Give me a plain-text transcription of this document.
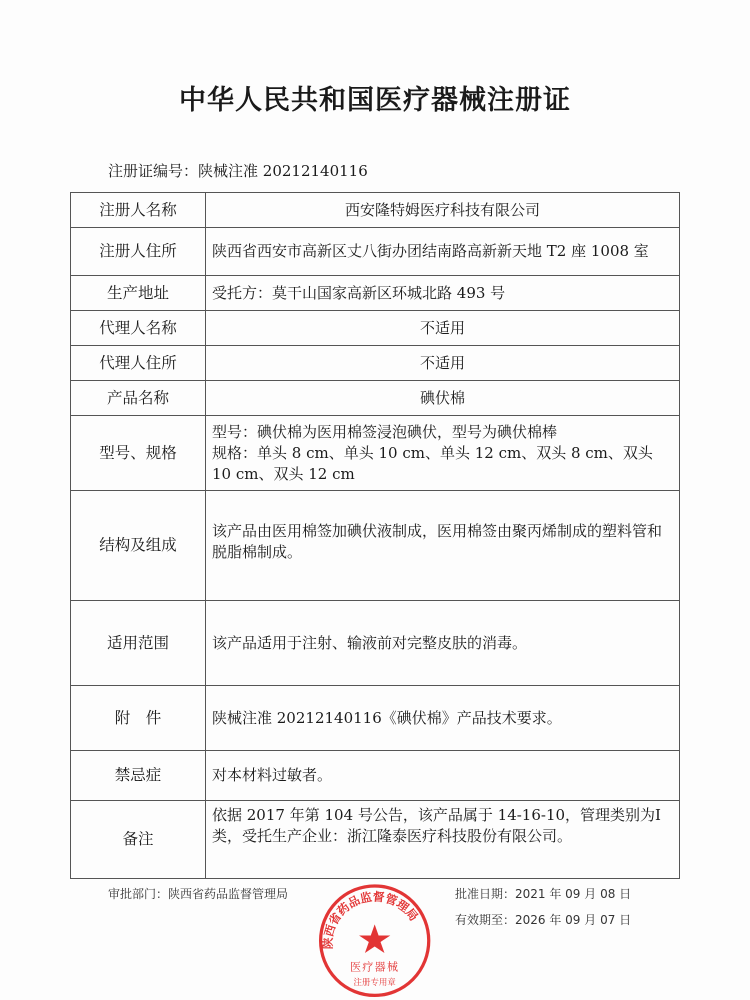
中华人民共和国医疗器械注册证
注册证编号：陕械注准 20212140116
注册人名称	西安隆特姆医疗科技有限公司
注册人住所	陕西省西安市高新区丈八街办团结南路高新新天地 T2 座 1008 室
生产地址	受托方：莫干山国家高新区环城北路 493 号
代理人名称	不适用
代理人住所	不适用
产品名称	碘伏棉
型号、规格	型号：碘伏棉为医用棉签浸泡碘伏，型号为碘伏棉棒
规格：单头 8 cm、单头 10 cm、单头 12 cm、双头 8 cm、双头 10 cm、双头 12 cm

结构及组成	该产品由医用棉签加碘伏液制成，医用棉签由聚丙烯制成的塑料管和脱脂棉制成。
适用范围	该产品适用于注射、输液前对完整皮肤的消毒。
附　件	陕械注准 20212140116《碘伏棉》产品技术要求。
禁忌症	对本材料过敏者。
备注	依据 2017 年第 104 号公告，该产品属于 14-16-10，管理类别为Ⅰ类，受托生产企业：浙江隆泰医疗科技股份有限公司。
审批部门：陕西省药品监督管理局	批准日期：2021 年 09 月 08 日
有效期至：2026 年 09 月 07 日
陕西省药品监督管理局
医疗器械
注册专用章
